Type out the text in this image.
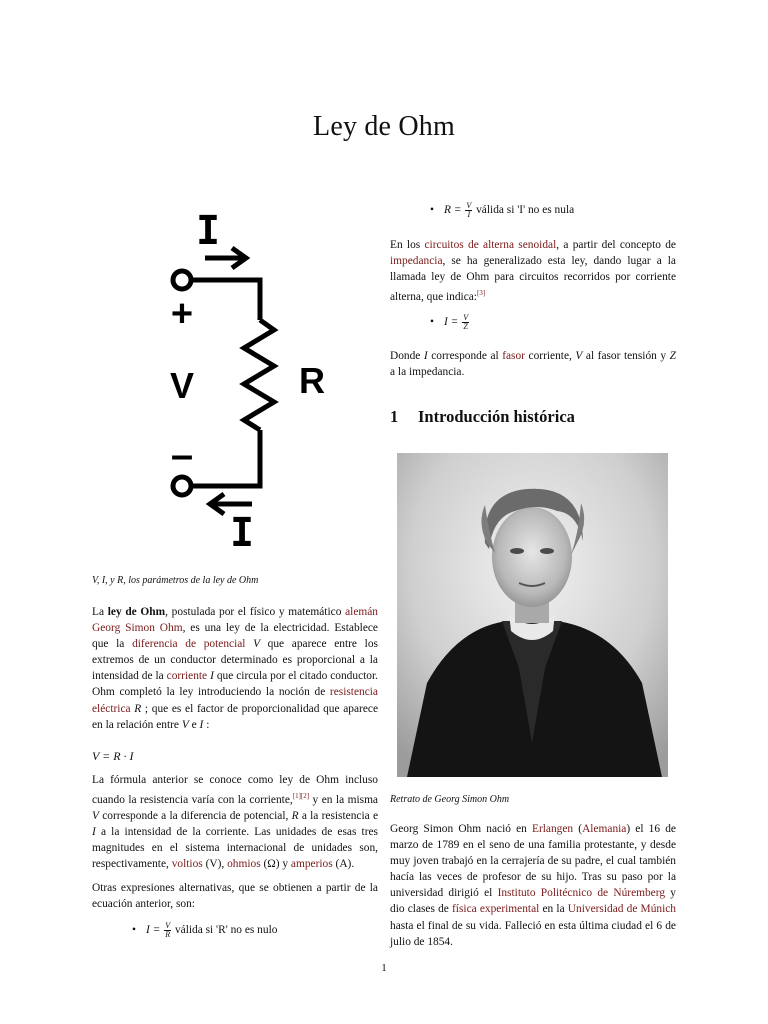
Ley de Ohm
I
I
+
–
V	R
V, I, y R, los parámetros de la ley de Ohm

La ley de Ohm, postulada por el físico y matemático alemán Georg Simon Ohm, es una ley de la electricidad. Establece que la diferencia de potencial V que aparece entre los extremos de un conductor determinado es proporcional a la intensidad de la corriente I que circula por el citado conductor. Ohm completó la ley introduciendo la noción de resistencia eléctrica R ; que es el factor de proporcionalidad que aparece en la relación entre V e I :

V = R · I

La fórmula anterior se conoce como ley de Ohm incluso cuando la resistencia varía con la corriente,[1][2] y en la misma V corresponde a la diferencia de potencial, R a la resistencia e I a la intensidad de la corriente. Las unidades de esas tres magnitudes en el sistema internacional de unidades son, respectivamente, voltios (V), ohmios (Ω) y amperios (A).

Otras expresiones alternativas, que se obtienen a partir de la ecuación anterior, son:

• $I = \frac{V}{R}$ válida si 'R' no es nulo
• $R = \frac{V}{I}$ válida si 'I' no es nula

En los circuitos de alterna senoidal, a partir del concepto de impedancia, se ha generalizado esta ley, dando lugar a la llamada ley de Ohm para circuitos recorridos por corriente alterna, que indica:[3]

• $I = \frac{V}{Z}$

Donde I corresponde al fasor corriente, V al fasor tensión y Z a la impedancia.

1 Introducción histórica
Retrato de Georg Simon Ohm

Georg Simon Ohm nació en Erlangen (Alemania) el 16 de marzo de 1789 en el seno de una familia protestante, y desde muy joven trabajó en la cerrajería de su padre, el cual también hacía las veces de profesor de su hijo. Tras su paso por la universidad dirigió el Instituto Politécnico de Núremberg y dio clases de física experimental en la Universidad de Múnich hasta el final de su vida. Falleció en esta última ciudad el 6 de julio de 1854.

1
